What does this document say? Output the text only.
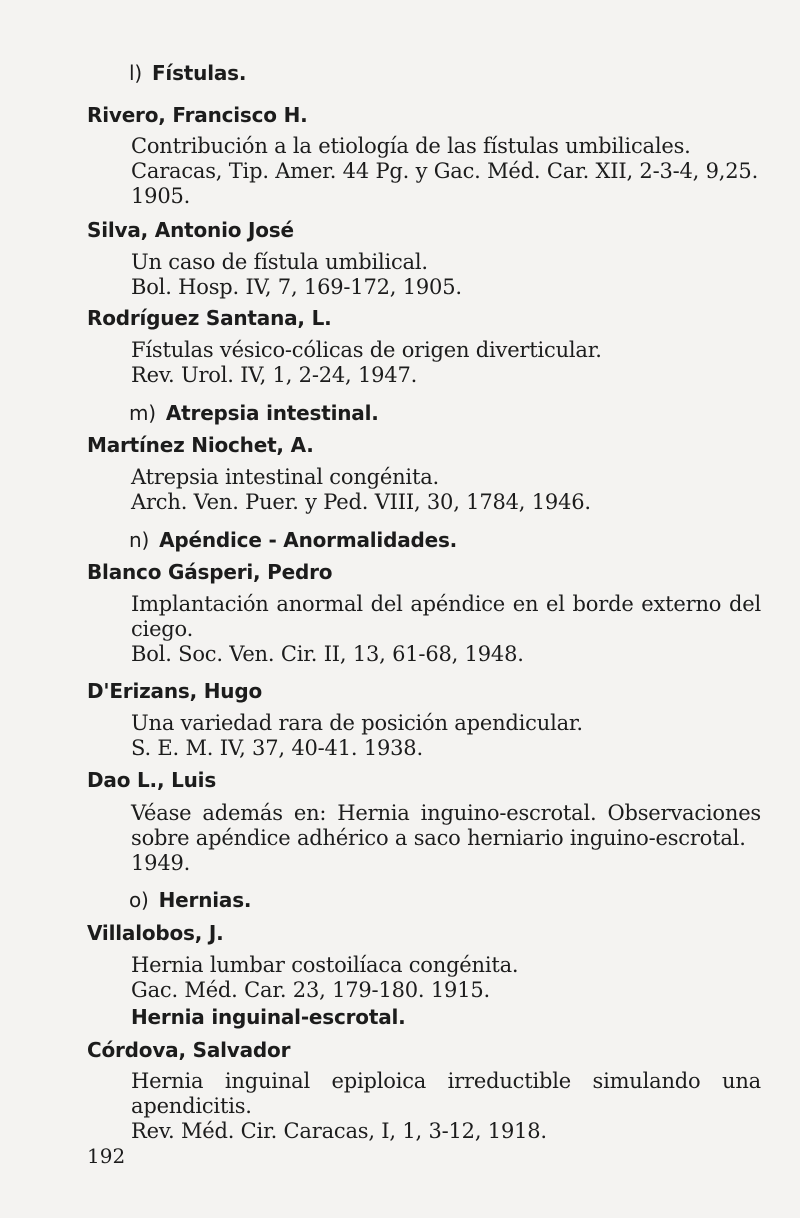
l) Fístulas.
Rivero, Francisco H.
Contribución a la etiología de las fístulas umbilicales.
Caracas, Tip. Amer. 44 Pg. y Gac. Méd. Car. XII, 2-3-4, 9,25.
1905.
Silva, Antonio José
Un caso de fístula umbilical.
Bol. Hosp. IV, 7, 169-172, 1905.
Rodríguez Santana, L.
Fístulas vésico-cólicas de origen diverticular.
Rev. Urol. IV, 1, 2-24, 1947.
m) Atrepsia intestinal.
Martínez Niochet, A.
Atrepsia intestinal congénita.
Arch. Ven. Puer. y Ped. VIII, 30, 1784, 1946.
n) Apéndice - Anormalidades.
Blanco Gásperi, Pedro
Implantación anormal del apéndice en el borde externo del
ciego.
Bol. Soc. Ven. Cir. II, 13, 61-68, 1948.
D'Erizans, Hugo
Una variedad rara de posición apendicular.
S. E. M. IV, 37, 40-41. 1938.
Dao L., Luis
Véase además en: Hernia inguino-escrotal. Observaciones
sobre apéndice adhérico a saco herniario inguino-escrotal.
1949.
o) Hernias.
Villalobos, J.
Hernia lumbar costoilíaca congénita.
Gac. Méd. Car. 23, 179-180. 1915.
Hernia inguinal-escrotal.
Córdova, Salvador
Hernia inguinal epiploica irreductible simulando una
apendicitis.
Rev. Méd. Cir. Caracas, I, 1, 3-12, 1918.
192
